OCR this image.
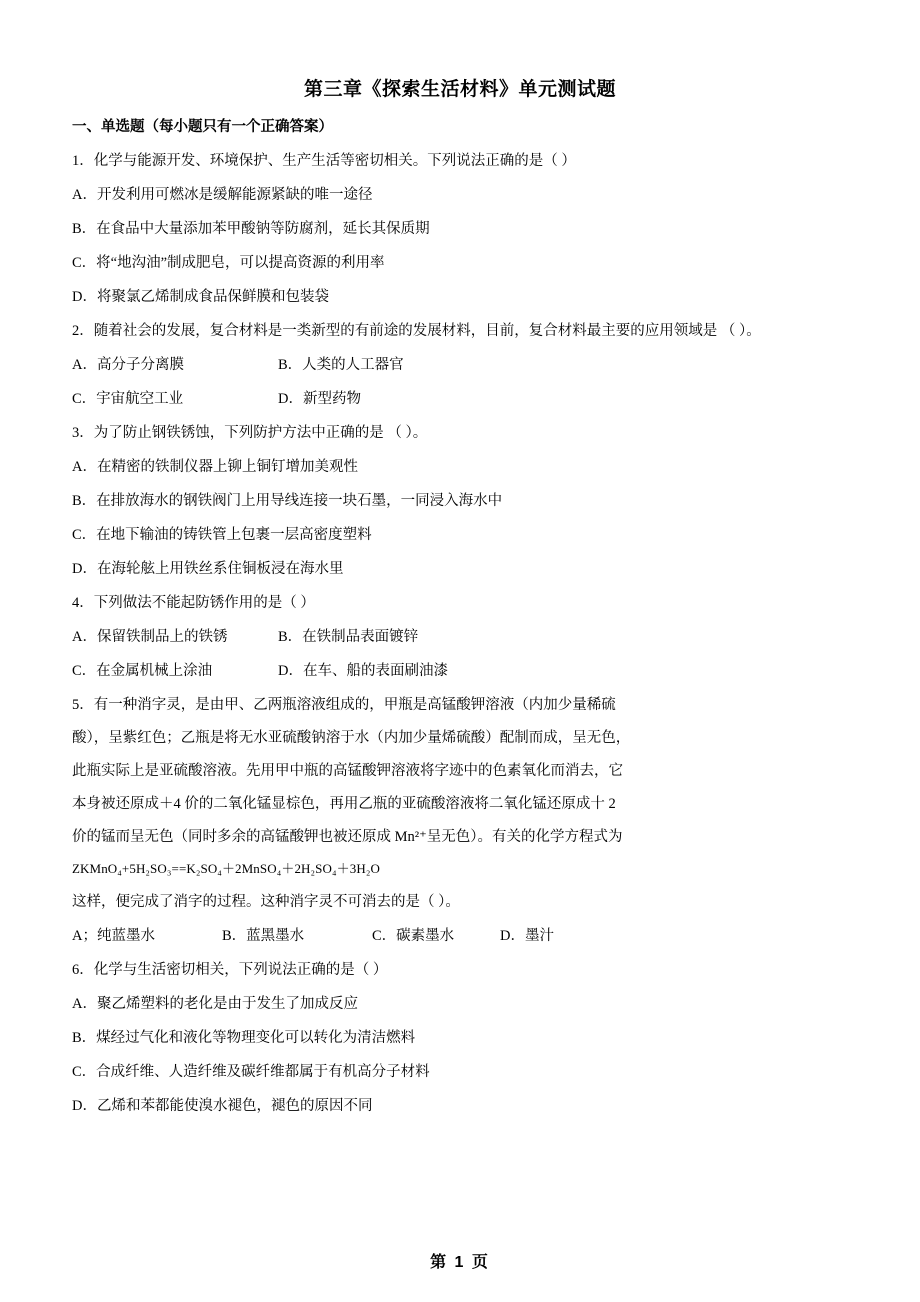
第三章《探索生活材料》单元测试题
一、单选题（每小题只有一个正确答案）
1．化学与能源开发、环境保护、生产生活等密切相关。下列说法正确的是（ ）
A．开发利用可燃冰是缓解能源紧缺的唯一途径
B．在食品中大量添加苯甲酸钠等防腐剂，延长其保质期
C．将“地沟油”制成肥皂，可以提高资源的利用率
D．将聚氯乙烯制成食品保鲜膜和包装袋
2．随着社会的发展，复合材料是一类新型的有前途的发展材料，目前，复合材料最主要的应用领域是 （ ）。
A．高分子分离膜	B．人类的人工器官
C．宇宙航空工业	D．新型药物
3．为了防止钢铁锈蚀，下列防护方法中正确的是 （ ）。
A．在精密的铁制仪器上铆上铜钉增加美观性
B．在排放海水的钢铁阀门上用导线连接一块石墨，一同浸入海水中
C．在地下输油的铸铁管上包裹一层高密度塑料
D．在海轮舷上用铁丝系住铜板浸在海水里
4．下列做法不能起防锈作用的是（ ）
A．保留铁制品上的铁锈	B．在铁制品表面镀锌
C．在金属机械上涂油	D．在车、船的表面刷油漆
5．有一种消字灵，是由甲、乙两瓶溶液组成的，甲瓶是高锰酸钾溶液（内加少量稀硫
酸），呈紫红色；乙瓶是将无水亚硫酸钠溶于水（内加少量烯硫酸）配制而成，呈无色，
此瓶实际上是亚硫酸溶液。先用甲中瓶的高锰酸钾溶液将字迹中的色素氧化而消去，它
本身被还原成＋4 价的二氧化锰显棕色，再用乙瓶的亚硫酸溶液将二氧化锰还原成十 2
价的锰而呈无色（同时多余的高锰酸钾也被还原成 Mn²⁺呈无色）。有关的化学方程式为
ZKMnO₄+5H₂SO₃==K₂SO₄＋2MnSO₄＋2H₂SO₄＋3H₂O
这样，便完成了消字的过程。这种消字灵不可消去的是（ ）。
A；纯蓝墨水	B．蓝黑墨水	C．碳素墨水	D．墨汁
6．化学与生活密切相关，下列说法正确的是（ ）
A．聚乙烯塑料的老化是由于发生了加成反应
B．煤经过气化和液化等物理变化可以转化为清洁燃料
C．合成纤维、人造纤维及碳纤维都属于有机高分子材料
D．乙烯和苯都能使溴水褪色，褪色的原因不同
第 1 页
